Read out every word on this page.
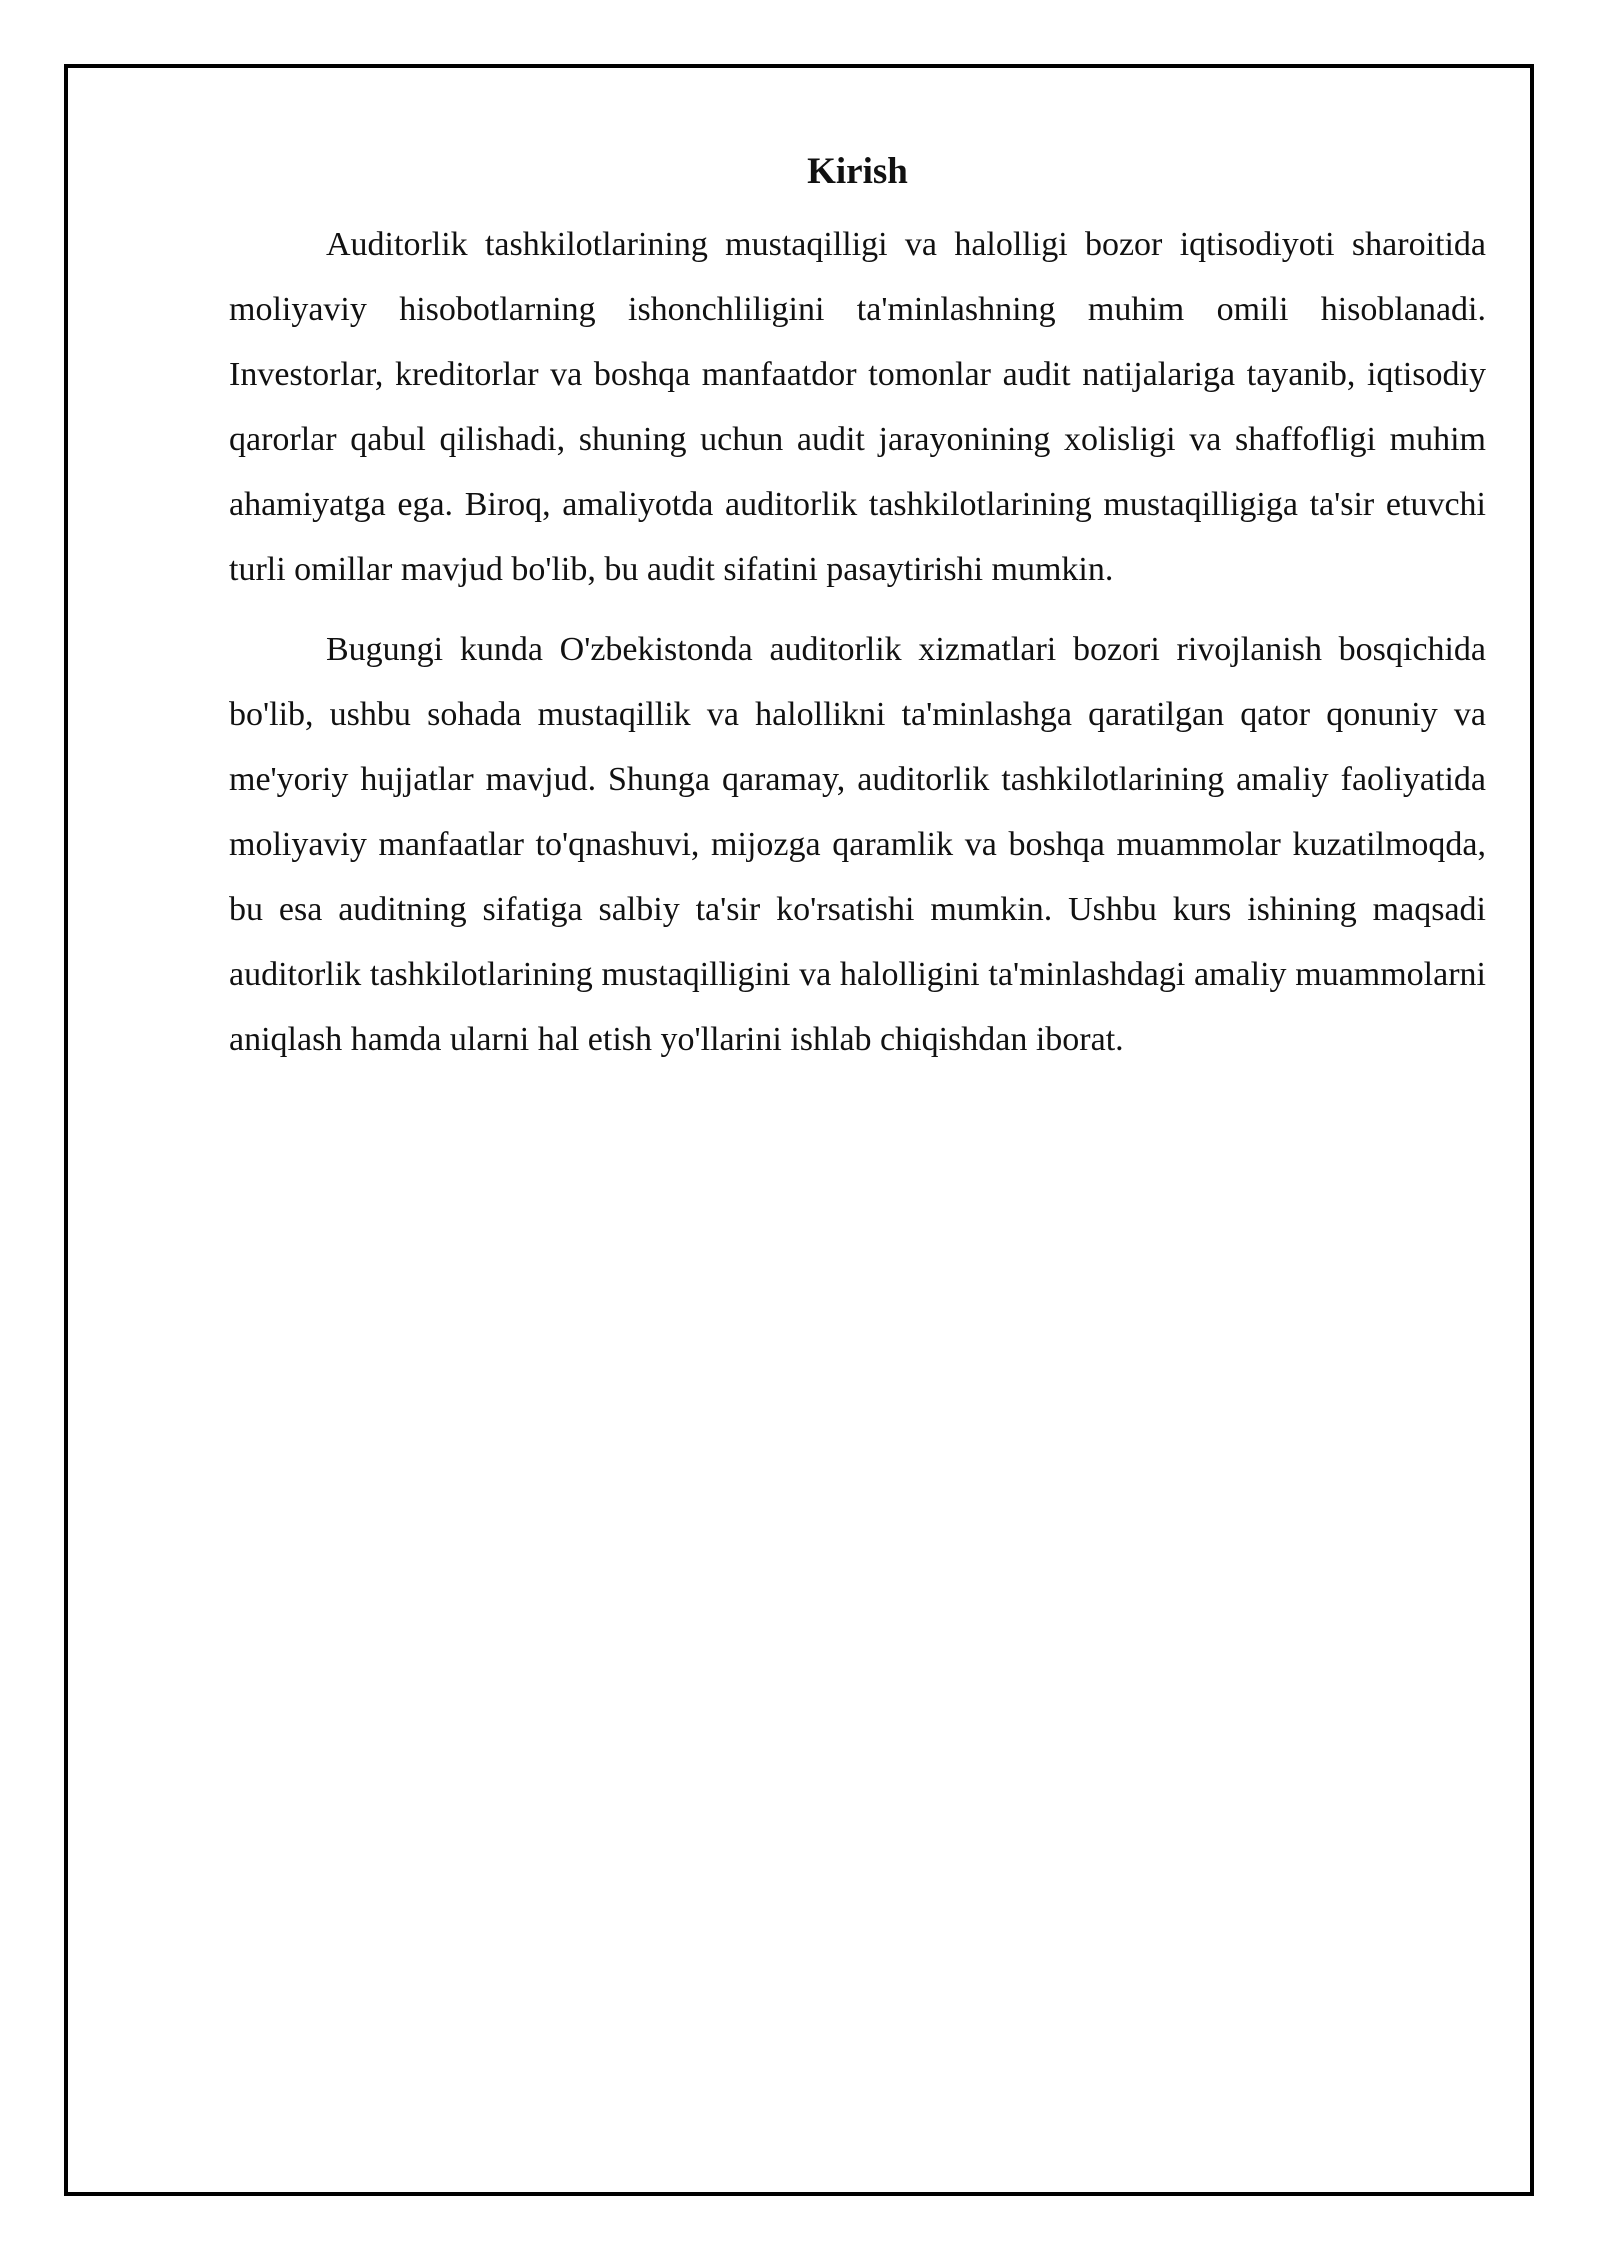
Kirish

Auditorlik tashkilotlarining mustaqilligi va halolligi bozor iqtisodiyoti sharoitida moliyaviy hisobotlarning ishonchliligini ta'minlashning muhim omili hisoblanadi. Investorlar, kreditorlar va boshqa manfaatdor tomonlar audit natijalariga tayanib, iqtisodiy qarorlar qabul qilishadi, shuning uchun audit jarayonining xolisligi va shaffofligi muhim ahamiyatga ega. Biroq, amaliyotda auditorlik tashkilotlarining mustaqilligiga ta'sir etuvchi turli omillar mavjud bo'lib, bu audit sifatini pasaytirishi mumkin.

Bugungi kunda O'zbekistonda auditorlik xizmatlari bozori rivojlanish bosqichida bo'lib, ushbu sohada mustaqillik va halollikni ta'minlashga qaratilgan qator qonuniy va me'yoriy hujjatlar mavjud. Shunga qaramay, auditorlik tashkilotlarining amaliy faoliyatida moliyaviy manfaatlar to'qnashuvi, mijozga qaramlik va boshqa muammolar kuzatilmoqda, bu esa auditning sifatiga salbiy ta'sir ko'rsatishi mumkin. Ushbu kurs ishining maqsadi auditorlik tashkilotlarining mustaqilligini va halolligini ta'minlashdagi amaliy muammolarni aniqlash hamda ularni hal etish yo'llarini ishlab chiqishdan iborat.
